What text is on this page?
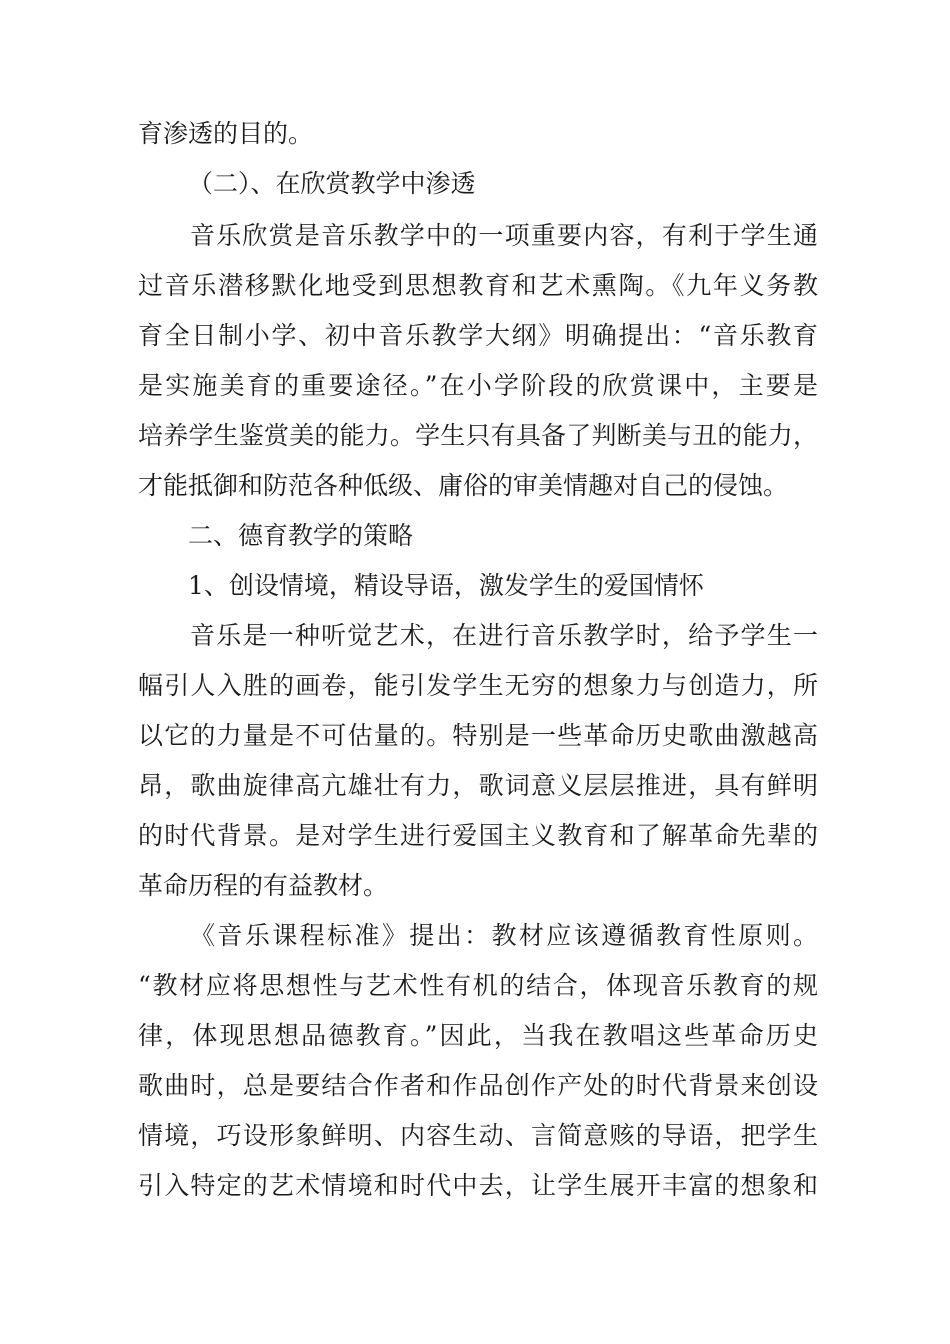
育渗透的目的。
（二）、在欣赏教学中渗透
音乐欣赏是音乐教学中的一项重要内容，有利于学生通
过音乐潜移默化地受到思想教育和艺术熏陶。《九年义务教
育全日制小学、初中音乐教学大纲》明确提出：“音乐教育
是实施美育的重要途径。”在小学阶段的欣赏课中，主要是
培养学生鉴赏美的能力。学生只有具备了判断美与丑的能力，
才能抵御和防范各种低级、庸俗的审美情趣对自己的侵蚀。
二、德育教学的策略
1、创设情境，精设导语，激发学生的爱国情怀
音乐是一种听觉艺术，在进行音乐教学时，给予学生一
幅引人入胜的画卷，能引发学生无穷的想象力与创造力，所
以它的力量是不可估量的。特别是一些革命历史歌曲激越高
昂，歌曲旋律高亢雄壮有力，歌词意义层层推进，具有鲜明
的时代背景。是对学生进行爱国主义教育和了解革命先辈的
革命历程的有益教材。
《音乐课程标准》提出：教材应该遵循教育性原则。
“教材应将思想性与艺术性有机的结合，体现音乐教育的规
律，体现思想品德教育。”因此，当我在教唱这些革命历史
歌曲时，总是要结合作者和作品创作产处的时代背景来创设
情境，巧设形象鲜明、内容生动、言简意赅的导语，把学生
引入特定的艺术情境和时代中去，让学生展开丰富的想象和
